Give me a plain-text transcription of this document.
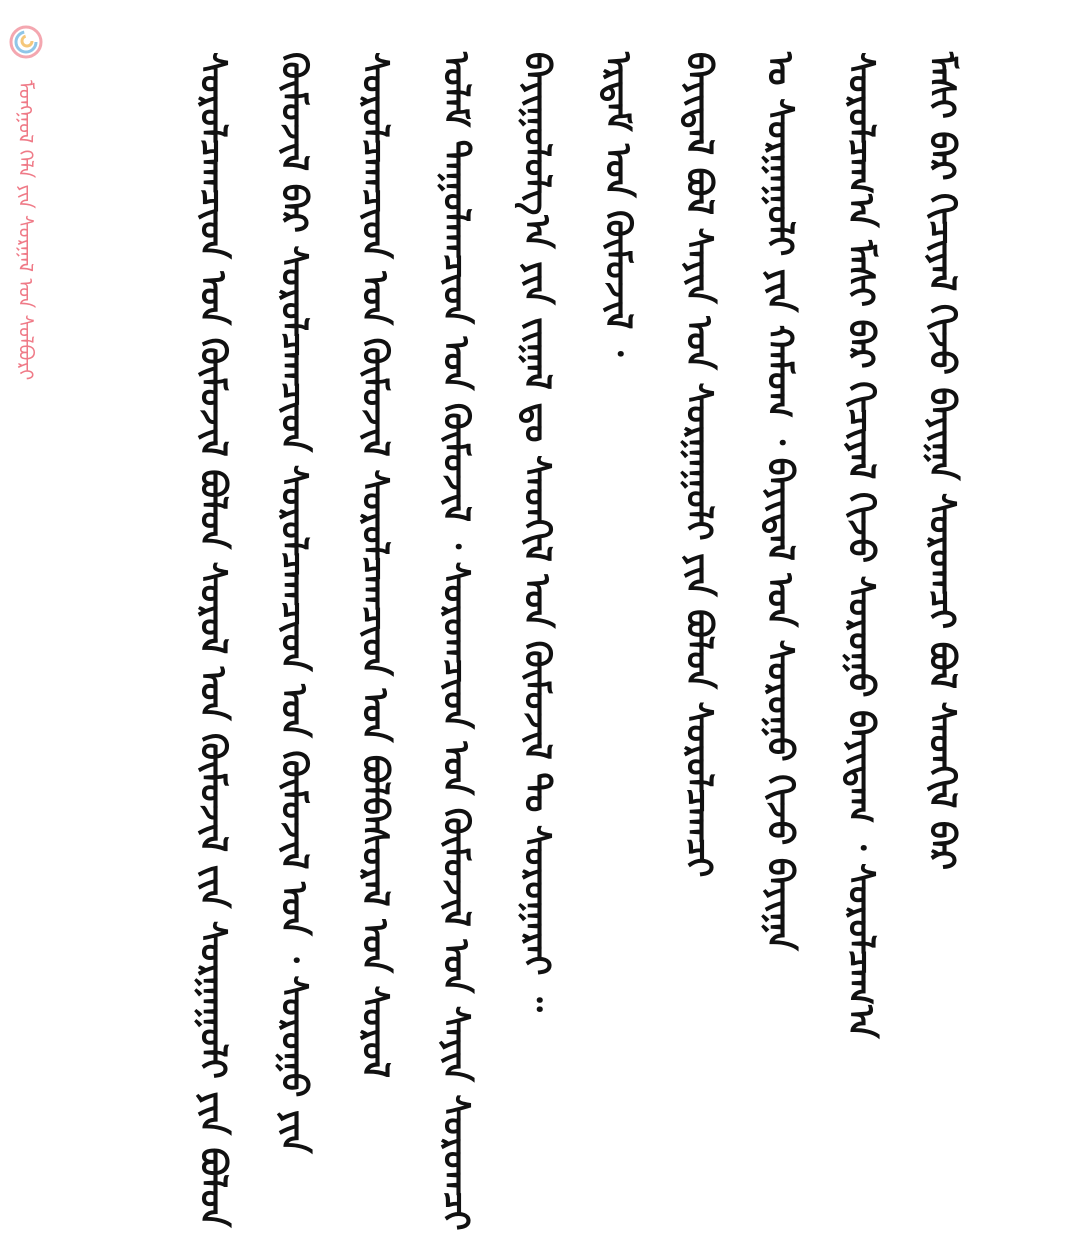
ᠮᠣᠩᠭᠣᠯ ᠬᠡᠯᠡ ᠶᠢᠨ ᠰᠤᠷᠭᠠᠯ ᠤᠨ ᠰᠤᠯᠪᠤᠷᠢ	ᠮᠠᠰᠢ ᠪᠠᠷ ᠬᠢᠴᠢᠶᠡᠯ ᠬᠢᠵᠤ ᠪᠠᠶᠢᠭᠠ ᠰᠤᠷᠤᠭᠴᠢ ᠪᠤᠯ ᠰᠡᠳᠬᠢᠯ ᠪᠠᠷ
ᠰᠤᠷᠤᠯᠴᠠᠭ᠎ᠠ ᠮᠠᠰᠢ ᠪᠠᠷ ᠬᠢᠴᠢᠶᠡᠯ ᠬᠢᠵᠤ ᠰᠤᠷᠤᠭᠤ ᠪᠠᠶᠢᠳᠠᠭ ᠂ ᠰᠤᠷᠤᠯᠴᠠᠭ᠎ᠠ
ᠤ ᠰᠤᠷᠭᠠᠭᠤᠯᠢ ᠶᠢᠨ ᠬᠠᠮᠤᠭ ᠂ ᠪᠠᠶᠢᠳᠠᠯ ᠤᠨ ᠰᠤᠷᠤᠭᠤ ᠬᠢᠵᠤ ᠪᠠᠶᠢᠭᠠ
ᠪᠠᠶᠢᠳᠠᠯ ᠪᠣᠯ ᠰᠠᠶᠢᠨ ᠤᠨ ᠰᠤᠷᠭᠠᠭᠤᠯᠢ ᠶᠢᠨ ᠪᠣᠯᠤᠨ ᠰᠤᠷᠤᠯᠴᠠᠭᠴᠢ
ᠡᠷᠳᠡᠮ ᠤᠨ ᠬᠦᠮᠦᠵᠢᠯ ᠂
ᠪᠠᠶᠢᠭᠤᠯᠤᠯᠭ᠎ᠠ ᠶᠢᠨ ᠵᠢᠭᠠᠯ ᠳᠤ ᠰᠡᠳᠬᠢᠯ ᠤᠨ ᠬᠦᠮᠦᠵᠢᠯ ᠲᠤ ᠰᠤᠷᠤᠭᠠᠷᠠᠢ ᠃
ᠤᠯᠠᠮ ᠳᠠᠭᠤᠯᠠᠭᠴᠢᠳ ᠤᠨ ᠬᠦᠮᠦᠵᠢᠯ ᠂ ᠰᠤᠷᠤᠭᠴᠢᠳ ᠤᠨ ᠬᠦᠮᠦᠵᠢᠯ ᠤᠨ ᠰᠠᠶᠢᠨ ᠰᠤᠷᠤᠭᠴᠢ
ᠰᠤᠷᠤᠯᠴᠠᠭᠴᠢᠳ ᠤᠨ ᠬᠦᠮᠦᠵᠢᠯ ᠰᠤᠷᠤᠯᠴᠠᠭᠴᠢᠳ ᠤᠨ ᠪᠣᠯᠪᠠᠰᠤᠷᠠᠯ ᠤᠨ ᠰᠤᠷᠤᠯ
ᠬᠦᠮᠦᠵᠢᠯ ᠪᠠᠷ ᠰᠤᠷᠤᠯᠴᠠᠭᠴᠢᠳ ᠰᠤᠷᠤᠯᠴᠠᠭᠴᠢᠳ ᠤᠨ ᠬᠦᠮᠦᠵᠢᠯ ᠤᠨ ᠂ ᠰᠤᠷᠤᠭᠤ ᠶᠢᠨ
ᠰᠤᠷᠤᠯᠴᠠᠭᠴᠢᠳ ᠤᠨ ᠬᠦᠮᠦᠵᠢᠯ ᠪᠤᠯᠤᠨ ᠰᠤᠷᠤᠯ ᠤᠨ ᠬᠦᠮᠦᠵᠢᠯ ᠵᠢᠨ ᠰᠤᠷᠭᠠᠭᠤᠯᠢ ᠶᠢᠨ ᠪᠣᠯᠤᠨ
